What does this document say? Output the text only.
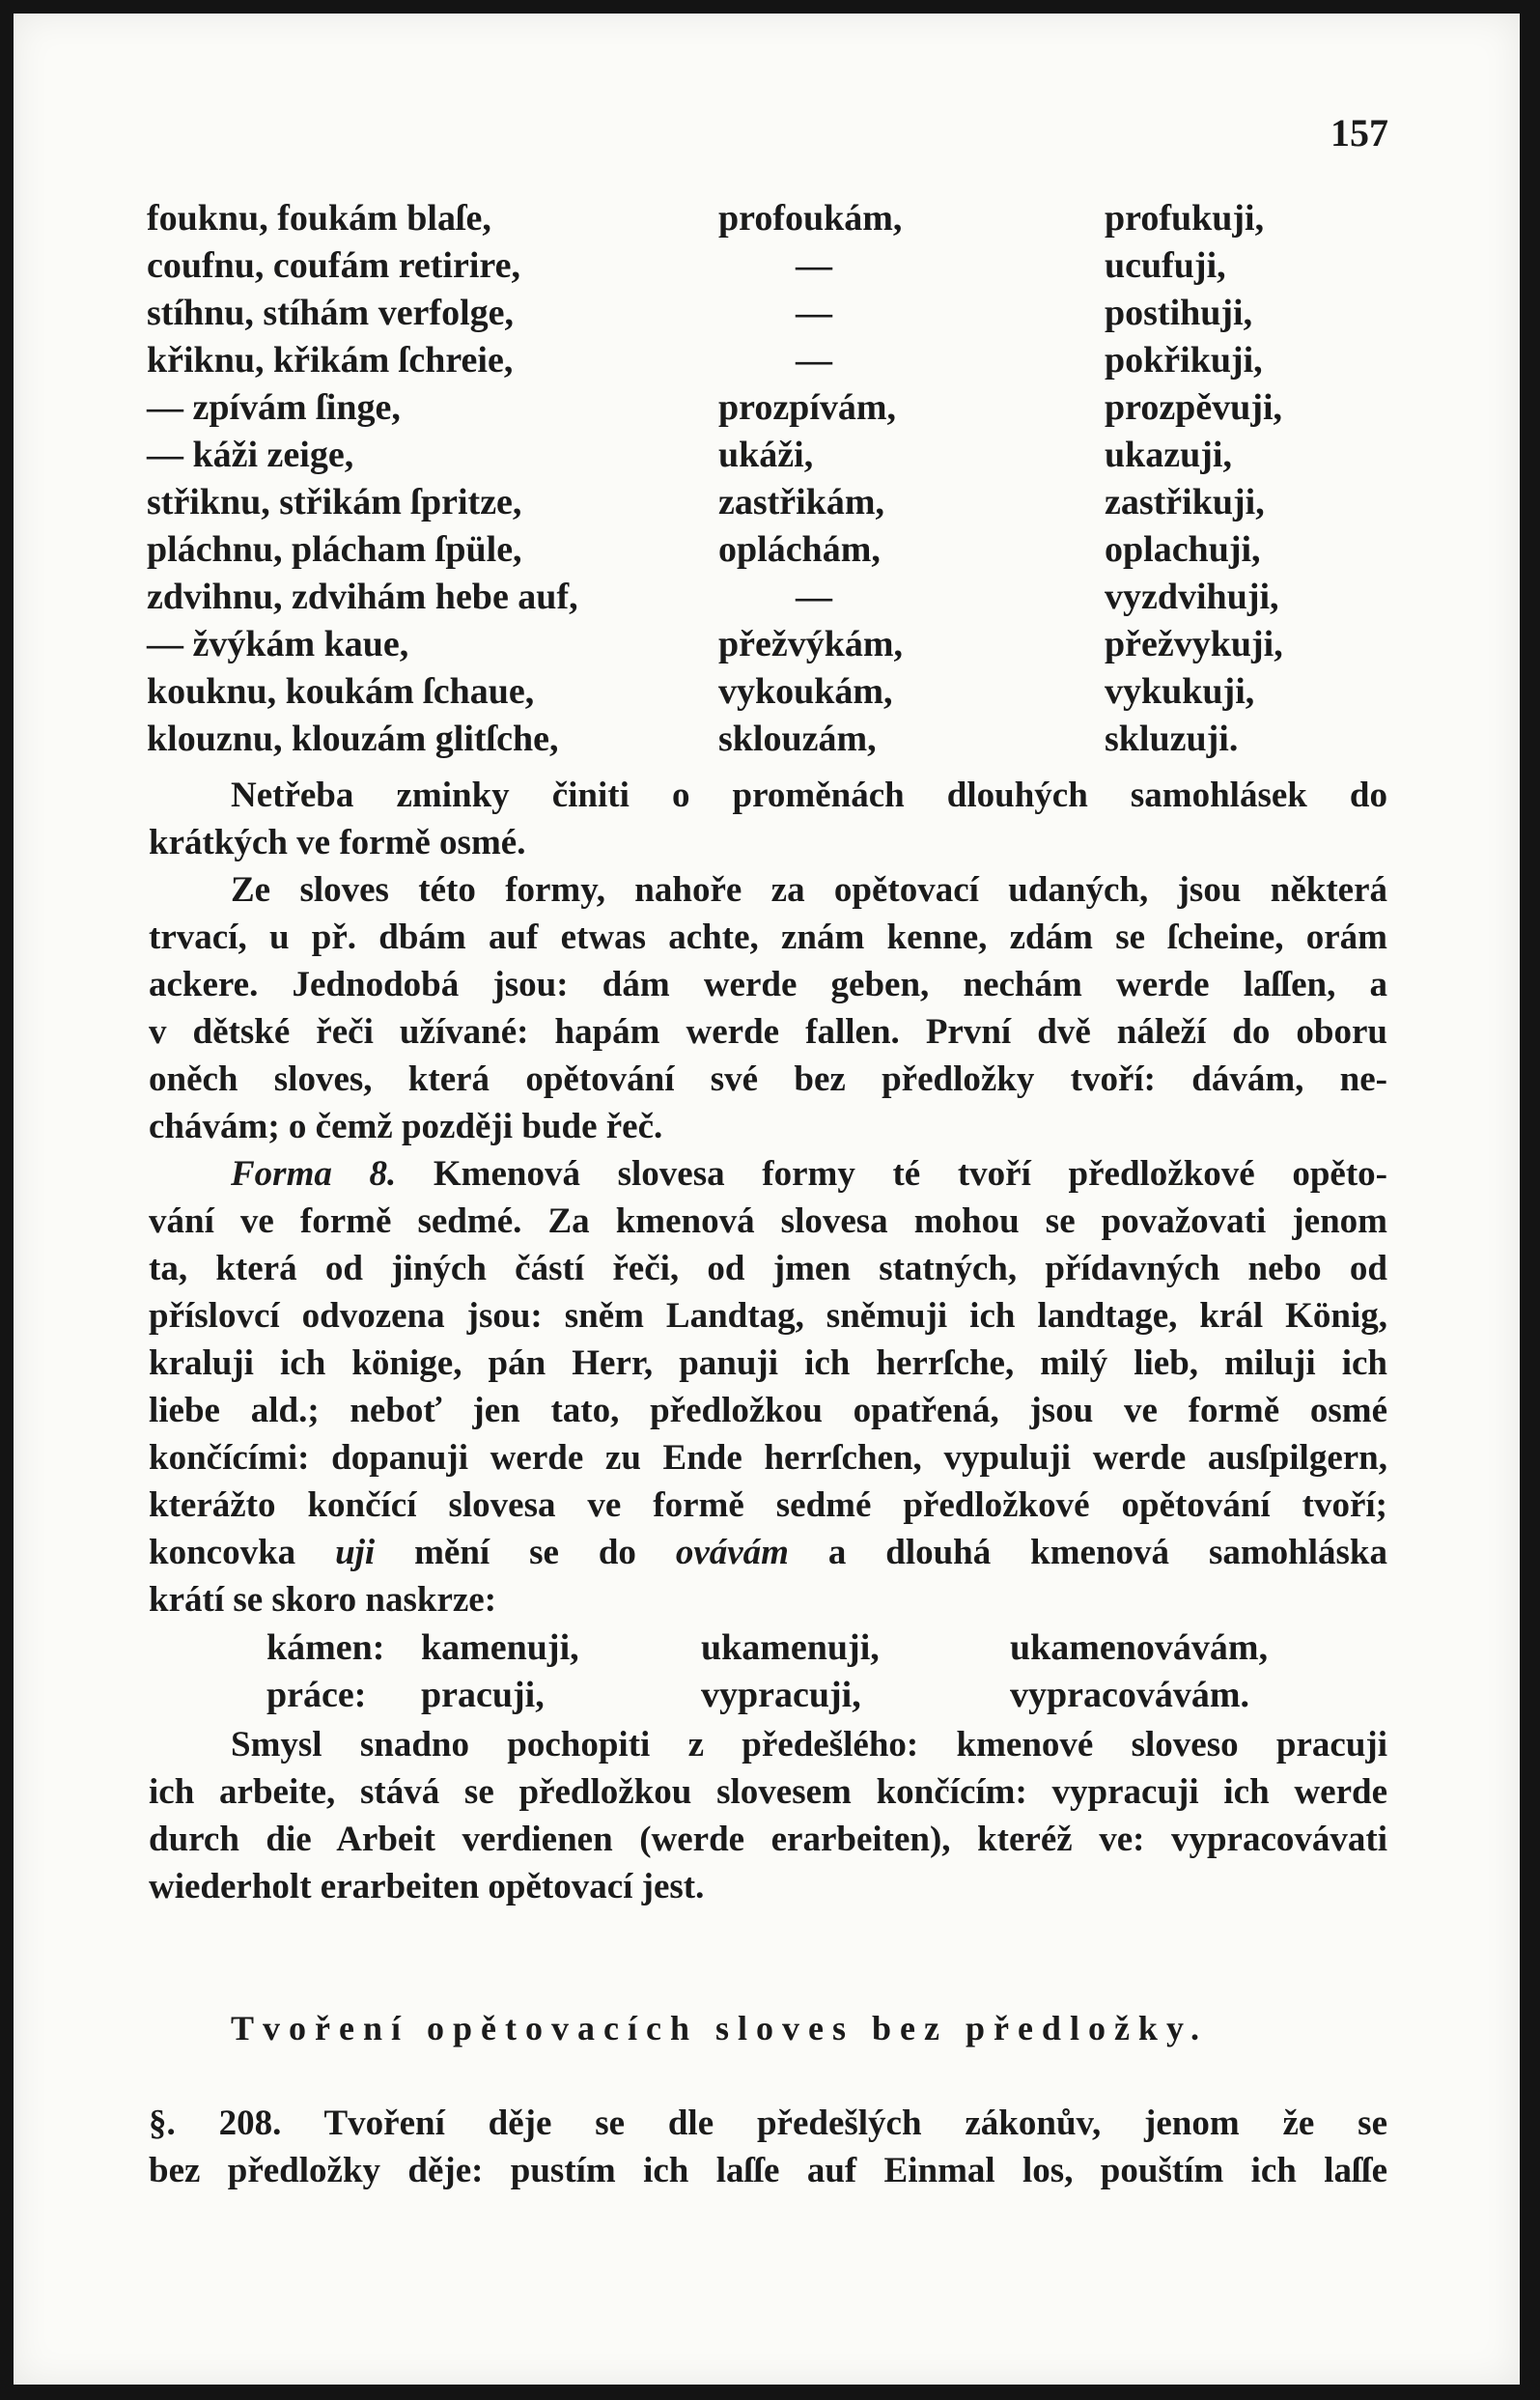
157
fouknu, foukám blaſe,	profoukám,	profukuji,
coufnu, coufám retirire,	—	ucufuji,
stíhnu, stíhám verfolge,	—	postihuji,
křiknu, křikám ſchreie,	—	pokřikuji,
— zpívám ſinge,	prozpívám,	prozpěvuji,
— káži zeige,	ukáži,	ukazuji,
střiknu, střikám ſpritze,	zastřikám,	zastřikuji,
pláchnu, plácham ſpüle,	opláchám,	oplachuji,
zdvihnu, zdvihám hebe auf,	—	vyzdvihuji,
— žvýkám kaue,	přežvýkám,	přežvykuji,
kouknu, koukám ſchaue,	vykoukám,	vykukuji,
klouznu, klouzám glitſche,	sklouzám,	skluzuji.
Netřeba zminky činiti o proměnách dlouhých samohlásek do
krátkých ve formě osmé.
Ze sloves této formy, nahoře za opětovací udaných, jsou některá
trvací, u př. dbám auf etwas achte, znám kenne, zdám se ſcheine, orám
ackere. Jednodobá jsou: dám werde geben, nechám werde laſſen, a
v dětské řeči užívané: hapám werde fallen. První dvě náleží do oboru
oněch sloves, která opětování své bez předložky tvoří: dávám, ne-
chávám; o čemž později bude řeč.
Forma 8. Kmenová slovesa formy té tvoří předložkové opěto-
vání ve formě sedmé. Za kmenová slovesa mohou se považovati jenom
ta, která od jiných částí řeči, od jmen statných, přídavných nebo od
příslovcí odvozena jsou: sněm Landtag, sněmuji ich landtage, král König,
kraluji ich könige, pán Herr, panuji ich herrſche, milý lieb, miluji ich
liebe ald.; neboť jen tato, předložkou opatřená, jsou ve formě osmé
končícími: dopanuji werde zu Ende herrſchen, vypuluji werde ausſpilgern,
kterážto končící slovesa ve formě sedmé předložkové opětování tvoří;
koncovka uji mění se do ovávám a dlouhá kmenová samohláska
krátí se skoro naskrze:
kámen: kamenuji,	ukamenuji,	ukamenovávám,
práce: pracuji,	vypracuji,	vypracovávám.
Smysl snadno pochopiti z předešlého: kmenové sloveso pracuji
ich arbeite, stává se předložkou slovesem končícím: vypracuji ich werde
durch die Arbeit verdienen (werde erarbeiten), kteréž ve: vypracovávati
wiederholt erarbeiten opětovací jest.
Tvoření opětovacích sloves bez předložky.
§. 208. Tvoření děje se dle předešlých zákonův, jenom že se
bez předložky děje: pustím ich laſſe auf Einmal los, pouštím ich laſſe
